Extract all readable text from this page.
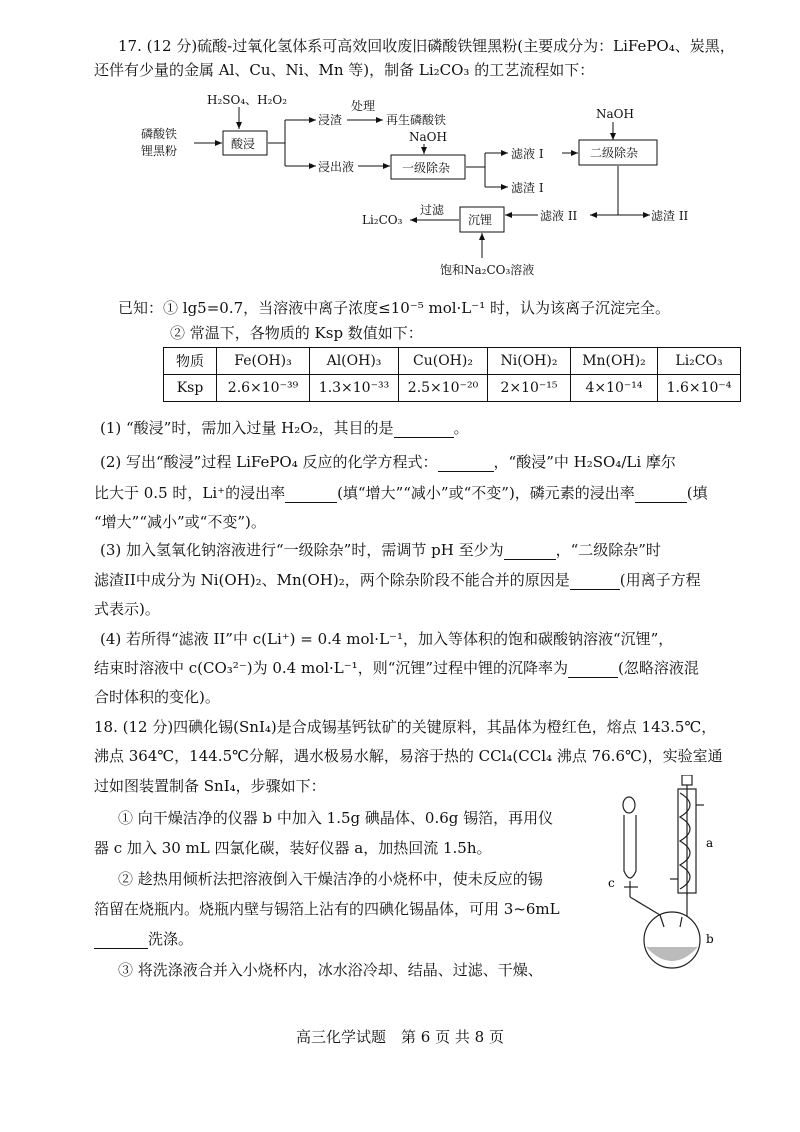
17. (12 分)硫酸-过氧化氢体系可高效回收废旧磷酸铁锂黑粉(主要成分为：LiFePO₄、炭黑，
还伴有少量的金属 Al、Cu、Ni、Mn 等)，制备 Li₂CO₃ 的工艺流程如下：
H₂SO₄、H₂O₂
磷酸铁
锂黑粉	酸浸
处理
浸渣	再生磷酸铁
NaOH
浸出液	一级除杂
滤液 I
滤渣 I
NaOH
二级除杂
滤液 II	滤渣 II
沉锂
过滤
Li₂CO₃
饱和Na₂CO₃溶液
已知：① lg5=0.7，当溶液中离子浓度≤10⁻⁵ mol·L⁻¹ 时，认为该离子沉淀完全。
② 常温下，各物质的 Ksp 数值如下：
物质	Fe(OH)₃	Al(OH)₃	Cu(OH)₂	Ni(OH)₂	Mn(OH)₂	Li₂CO₃
Ksp	2.6×10⁻³⁹	1.3×10⁻³³	2.5×10⁻²⁰	2×10⁻¹⁵	4×10⁻¹⁴	1.6×10⁻⁴
(1) “酸浸”时，需加入过量 H₂O₂，其目的是	。
(2) 写出“酸浸”过程 LiFePO₄ 反应的化学方程式：	，“酸浸”中 H₂SO₄/Li 摩尔
比大于 0.5 时，Li⁺的浸出率	(填“增大”“减小”或“不变”)，磷元素的浸出率	(填
“增大”“减小”或“不变”)。
(3) 加入氢氧化钠溶液进行“一级除杂”时，需调节 pH 至少为	，“二级除杂”时
滤渣II中成分为 Ni(OH)₂、Mn(OH)₂，两个除杂阶段不能合并的原因是	(用离子方程
式表示)。
(4) 若所得“滤液 II”中 c(Li⁺) = 0.4 mol·L⁻¹，加入等体积的饱和碳酸钠溶液“沉锂”，
结束时溶液中 c(CO₃²⁻)为 0.4 mol·L⁻¹，则“沉锂”过程中锂的沉降率为	(忽略溶液混
合时体积的变化)。
18. (12 分)四碘化锡(SnI₄)是合成锡基钙钛矿的关键原料，其晶体为橙红色，熔点 143.5℃，
沸点 364℃，144.5℃分解，遇水极易水解，易溶于热的 CCl₄(CCl₄ 沸点 76.6℃)，实验室通
过如图装置制备 SnI₄，步骤如下：
① 向干燥洁净的仪器 b 中加入 1.5g 碘晶体、0.6g 锡箔，再用仪
器 c 加入 30 mL 四氯化碳，装好仪器 a，加热回流 1.5h。
② 趁热用倾析法把溶液倒入干燥洁净的小烧杯中，使未反应的锡
箔留在烧瓶内。烧瓶内壁与锡箔上沾有的四碘化锡晶体，可用 3~6mL
洗涤。
③ 将洗涤液合并入小烧杯内，冰水浴冷却、结晶、过滤、干燥、
a
c
b
高三化学试题　第 6 页 共 8 页
